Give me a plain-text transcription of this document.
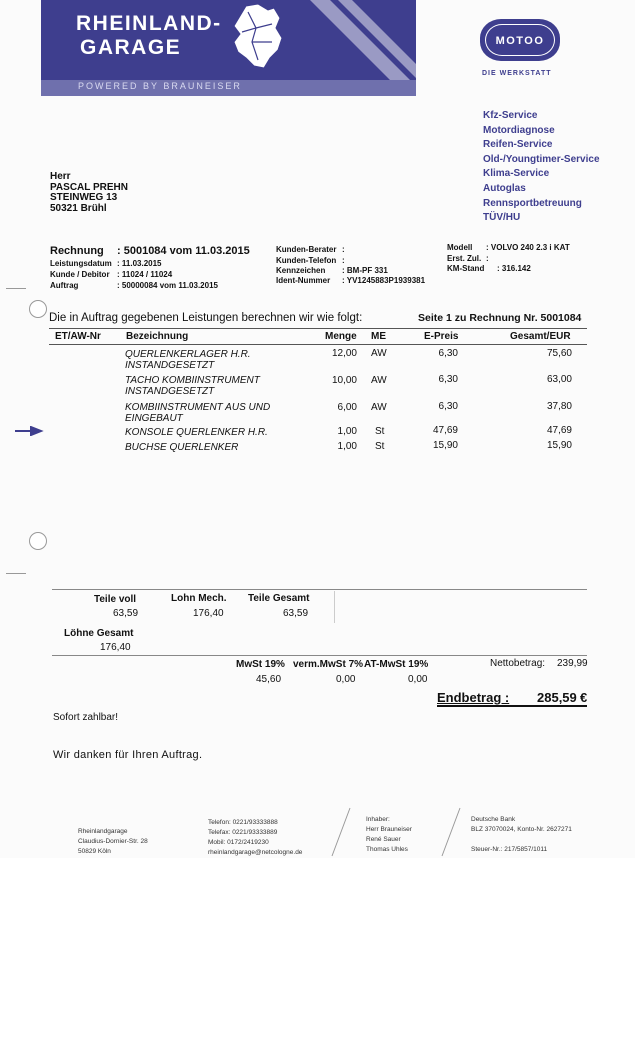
RHEINLAND-
GARAGE
POWERED BY BRAUNEISER
MOTOO
DIE WERKSTATT
Kfz-Service
Motordiagnose
Reifen-Service
Old-/Youngtimer-Service
Klima-Service
Autoglas
Rennsportbetreuung
TÜV/HU
Herr
PASCAL PREHN
STEINWEG 13
50321 Brühl
Rechnung : 5001084 vom 11.03.2015
Leistungsdatum : 11.03.2015
Kunde / Debitor : 11024 / 11024
Auftrag	: 50000084 vom 11.03.2015
Kunden-Berater :
Kunden-Telefon :
Kennzeichen : BM-PF 331
Ident-Nummer : YV1245883P1939381
Modell : VOLVO 240 2.3 i KAT
Erst. Zul. :
KM-Stand : 316.142
Die in Auftrag gegebenen Leistungen berechnen wir wie folgt:	Seite 1 zu Rechnung Nr. 5001084
ET/AW-Nr	Bezeichnung	Menge ME	E-Preis	Gesamt/EUR
QUERLENKERLAGER H.R.
INSTANDGESETZT
12,00 AW	6,30	75,60
TACHO KOMBIINSTRUMENT
INSTANDGESETZT
10,00 AW	6,30	63,00
KOMBIINSTRUMENT AUS UND
EINGEBAUT
6,00 AW	6,30	37,80
KONSOLE QUERLENKER H.R.	1,00 St	47,69	47,69
BUCHSE QUERLENKER	1,00 St	15,90	15,90
Teile voll
63,59
Lohn Mech.
176,40
Teile Gesamt
63,59
Löhne Gesamt
176,40
MwSt 19%
45,60
verm.MwSt 7%
0,00
AT-MwSt 19%
0,00
Nettobetrag: 239,99
Endbetrag : 285,59 €
Sofort zahlbar!
Wir danken für Ihren Auftrag.
Rheinlandgarage
Claudius-Dornier-Str. 28
50829 Köln
Telefon: 0221/93333888
Telefax: 0221/93333889
Mobil: 0172/2419230
rheinlandgarage@netcologne.de
Inhaber:
Herr Brauneiser
René Sauer
Thomas Uhles
Deutsche Bank
BLZ 37070024, Konto-Nr. 2627271

Steuer-Nr.: 217/5857/1011
